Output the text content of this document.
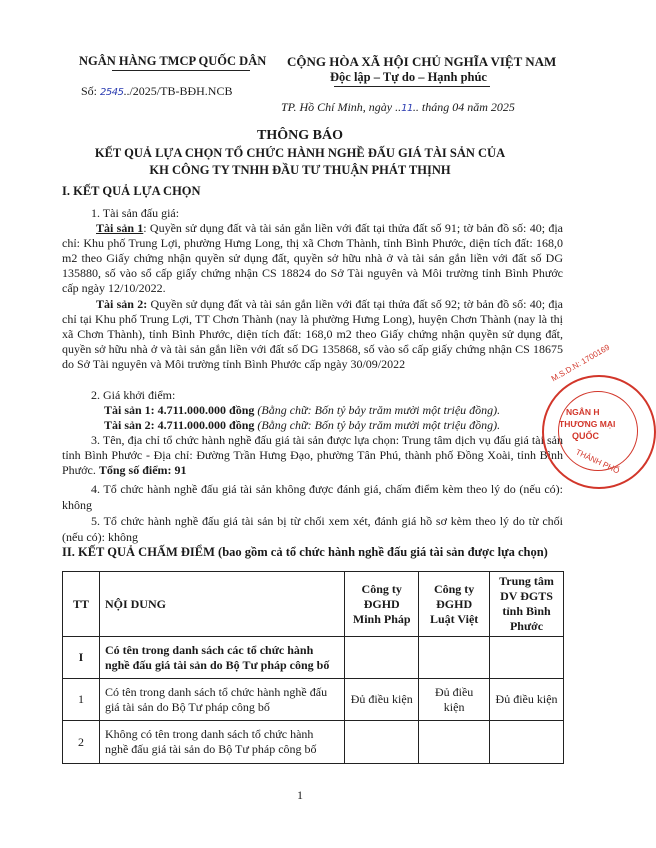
NGÂN HÀNG TMCP QUỐC DÂN CỘNG HÒA XÃ HỘI CHỦ NGHĨA VIỆT NAM
Độc lập – Tự do – Hạnh phúc
Số: 2545../2025/TB-BĐH.NCB
TP. Hồ Chí Minh, ngày ..11.. tháng 04 năm 2025
THÔNG BÁO
KẾT QUẢ LỰA CHỌN TỔ CHỨC HÀNH NGHỀ ĐẤU GIÁ TÀI SẢN CỦA
KH CÔNG TY TNHH ĐẦU TƯ THUẬN PHÁT THỊNH
I. KẾT QUẢ LỰA CHỌN
1. Tài sản đấu giá:
Tài sản 1: Quyền sử dụng đất và tài sản gắn liền với đất tại thửa đất số 91; tờ bản đồ số: 40; địa chỉ: Khu phố Trung Lợi, phường Hưng Long, thị xã Chơn Thành, tỉnh Bình Phước, diện tích đất: 168,0 m2 theo Giấy chứng nhận quyền sử dụng đất, quyền sở hữu nhà ở và tài sản gắn liền với đất số DG 135880, số vào sổ cấp giấy chứng nhận CS 18824 do Sở Tài nguyên và Môi trường tỉnh Bình Phước cấp ngày 12/10/2022.
Tài sản 2: Quyền sử dụng đất và tài sản gắn liền với đất tại thửa đất số 92; tờ bản đồ số: 40; địa chỉ tại Khu phố Trung Lợi, TT Chơn Thành (nay là phường Hưng Long), huyện Chơn Thành (nay là thị xã Chơn Thành), tỉnh Bình Phước, diện tích đất: 168,0 m2 theo Giấy chứng nhận quyền sử dụng đất, quyền sở hữu nhà ở và tài sản gắn liền với đất số DG 135868, số vào sổ cấp giấy chứng nhận CS 18675 do Sở Tài nguyên và Môi trường tỉnh Bình Phước cấp ngày 30/09/2022
2. Giá khởi điểm:
Tài sản 1: 4.711.000.000 đồng (Bằng chữ: Bốn tỷ bảy trăm mười một triệu đồng).
Tài sản 2: 4.711.000.000 đồng (Bằng chữ: Bốn tỷ bảy trăm mười một triệu đồng).
3. Tên, địa chỉ tổ chức hành nghề đấu giá tài sản được lựa chọn: Trung tâm dịch vụ đấu giá tài sản tỉnh Bình Phước - Địa chỉ: Đường Trần Hưng Đạo, phường Tân Phú, thành phố Đồng Xoài, tỉnh Bình Phước. Tổng số điểm: 91
4. Tổ chức hành nghề đấu giá tài sản không được đánh giá, chấm điểm kèm theo lý do (nếu có): không
5. Tổ chức hành nghề đấu giá tài sản bị từ chối xem xét, đánh giá hồ sơ kèm theo lý do từ chối (nếu có): không
II. KẾT QUẢ CHẤM ĐIỂM (bao gồm cả tổ chức hành nghề đấu giá tài sản được lựa chọn)
TT	NỘI DUNG	Công ty ĐGHD Minh Pháp	Công ty ĐGHD Luật Việt	Trung tâm DV ĐGTS tỉnh Bình Phước
I	Có tên trong danh sách các tổ chức hành nghề đấu giá tài sản do Bộ Tư pháp công bố			
1	Có tên trong danh sách tổ chức hành nghề đấu giá tài sản do Bộ Tư pháp công bố	Đủ điều kiện	Đủ điều kiện	Đủ điều kiện
2	Không có tên trong danh sách tổ chức hành nghề đấu giá tài sản do Bộ Tư pháp công bố			
1
M.S.D.N: 1700169
NGÂN H
THƯƠNG MẠI
QUỐC
THÀNH PHỐ
